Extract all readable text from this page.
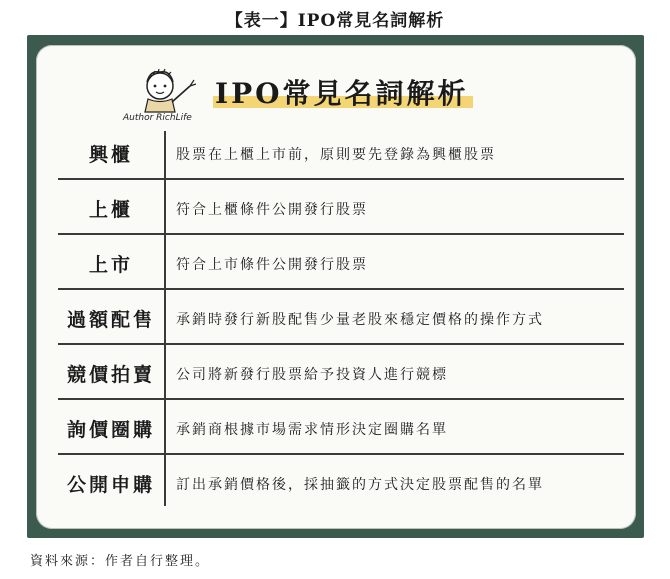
【表一】IPO常見名詞解析
Author RichLife
IPO常見名詞解析
興櫃	股票在上櫃上市前，原則要先登錄為興櫃股票
上櫃	符合上櫃條件公開發行股票
上市	符合上市條件公開發行股票
過額配售	承銷時發行新股配售少量老股來穩定價格的操作方式
競價拍賣	公司將新發行股票給予投資人進行競標
詢價圈購	承銷商根據市場需求情形決定圈購名單
公開申購	訂出承銷價格後，採抽籤的方式決定股票配售的名單
資料來源：作者自行整理。
